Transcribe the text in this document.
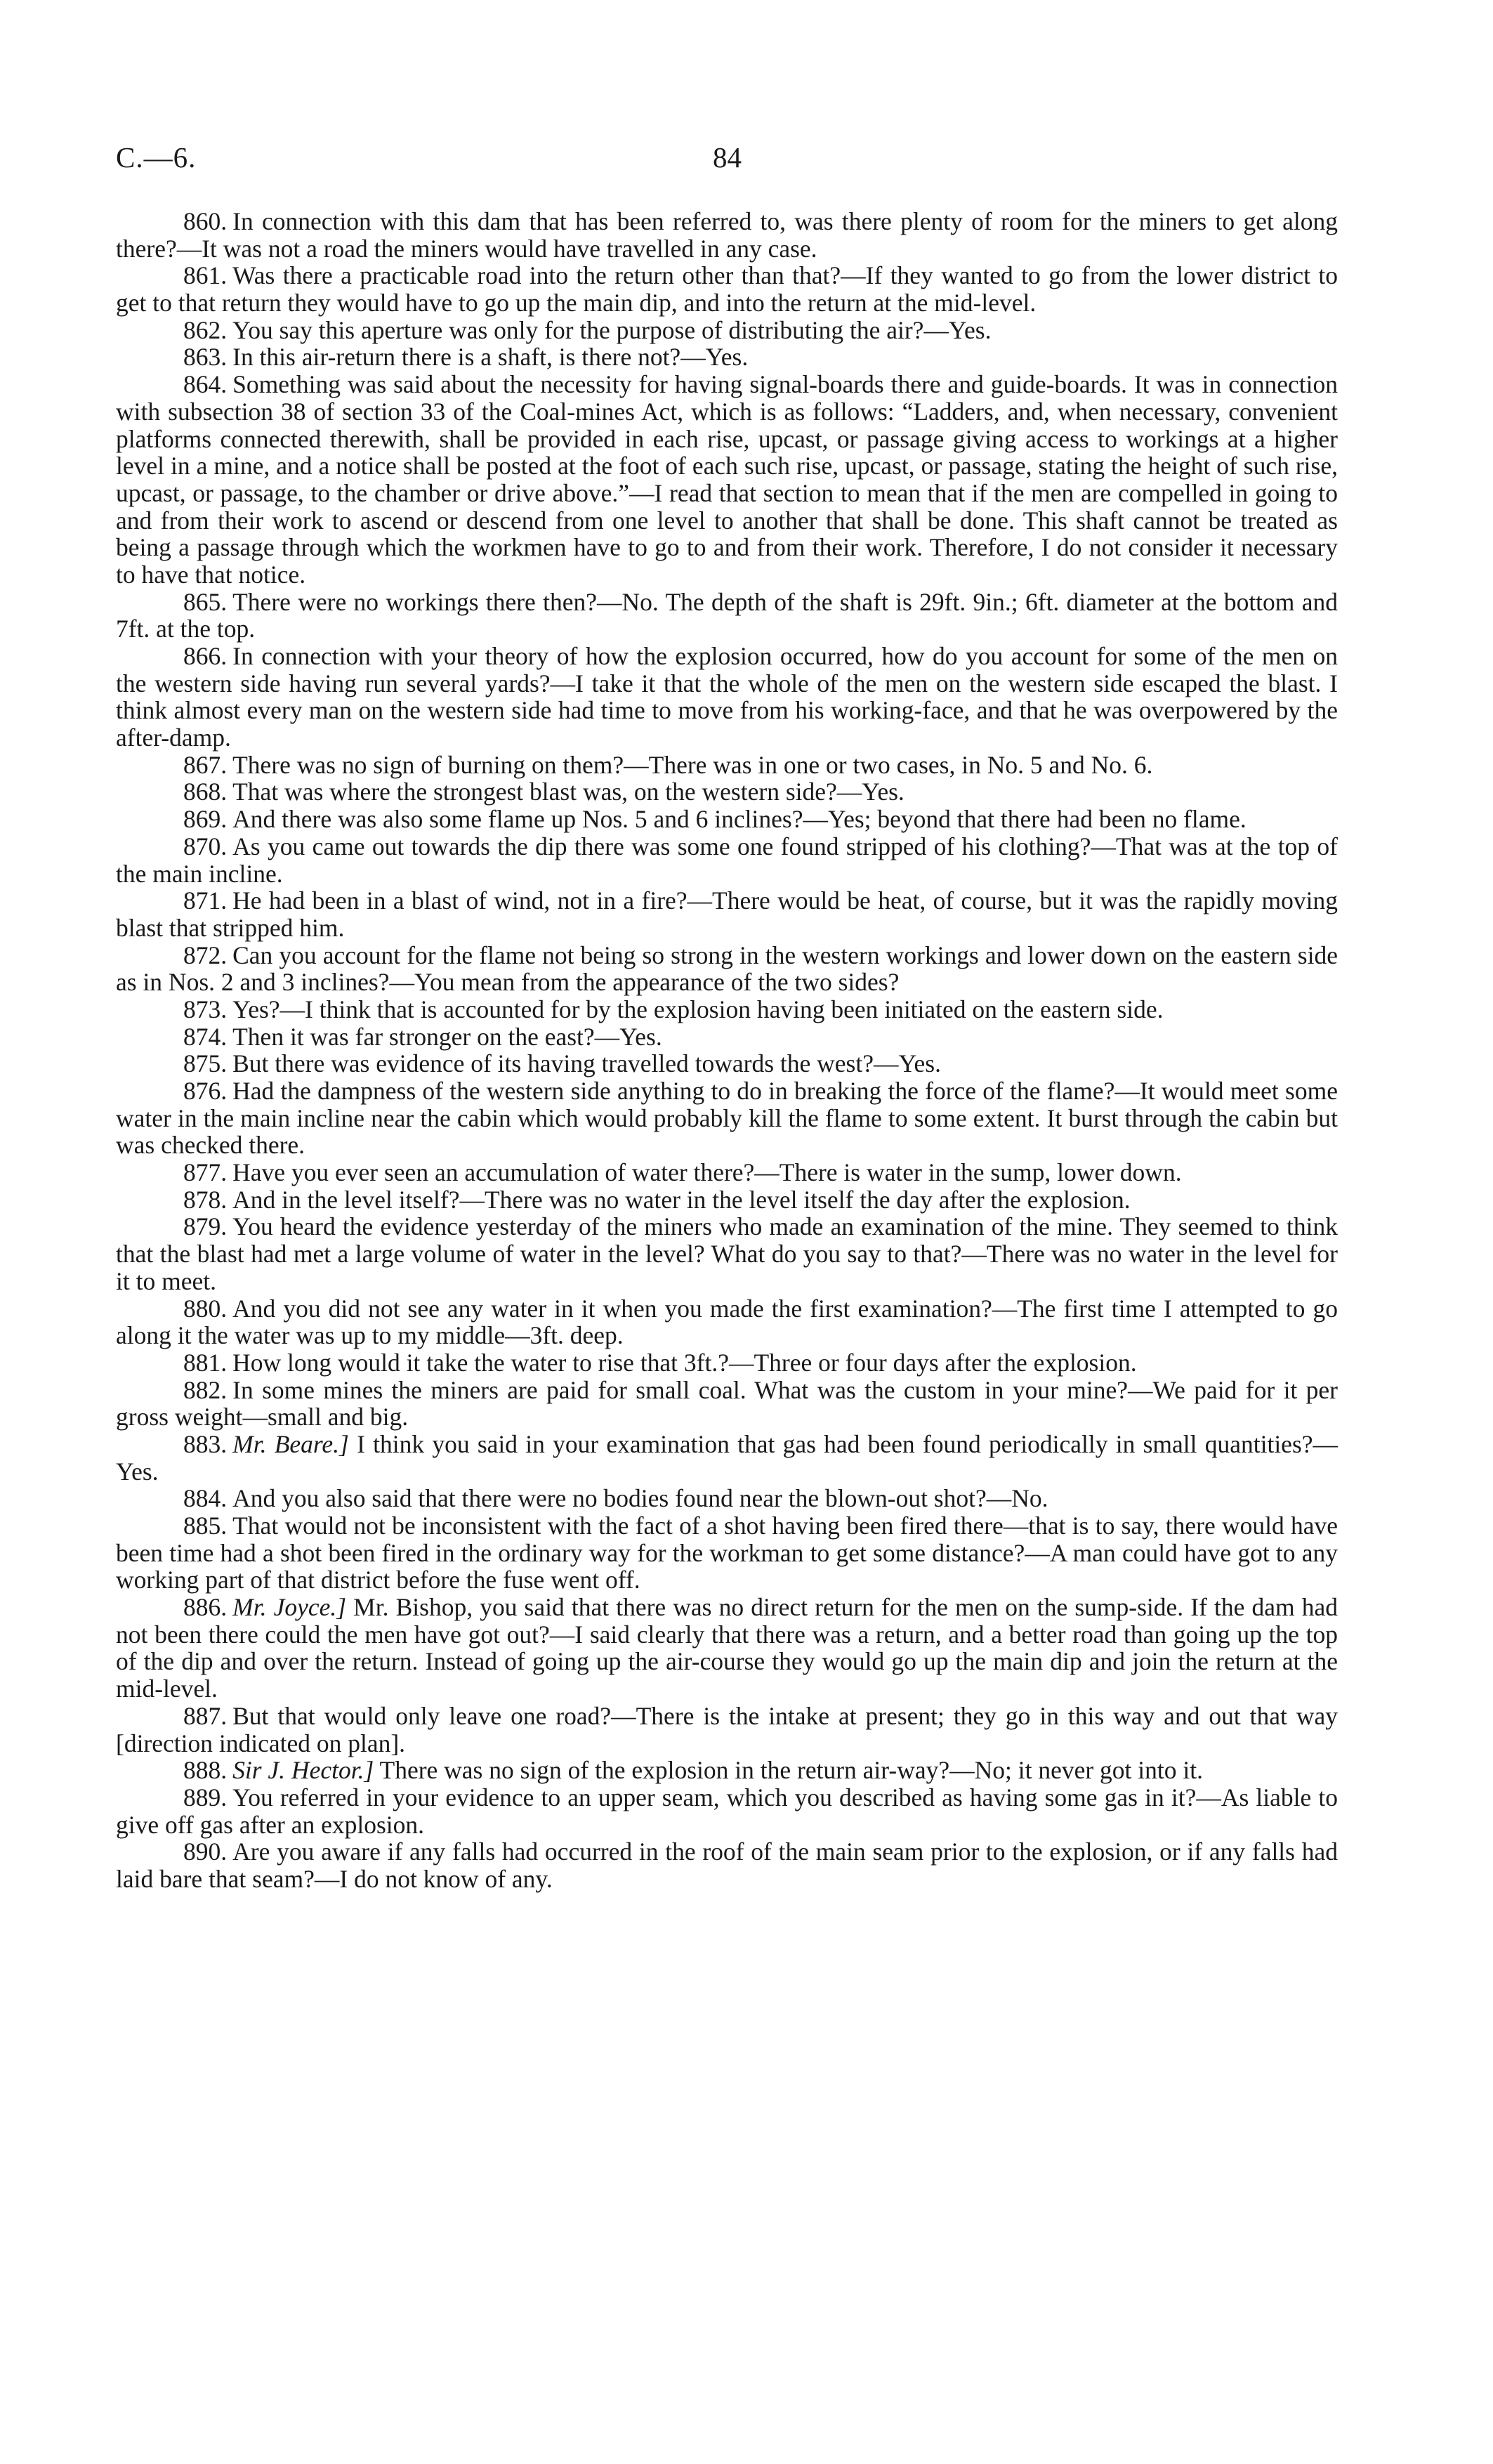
C.—6.	84

860. In connection with this dam that has been referred to, was there plenty of room for the miners to get along there?—It was not a road the miners would have travelled in any case.

861. Was there a practicable road into the return other than that?—If they wanted to go from the lower district to get to that return they would have to go up the main dip, and into the return at the mid-level.

862. You say this aperture was only for the purpose of distributing the air?—Yes.

863. In this air-return there is a shaft, is there not?—Yes.

864. Something was said about the necessity for having signal-boards there and guide-boards. It was in connection with subsection 38 of section 33 of the Coal-mines Act, which is as follows: “Ladders, and, when necessary, convenient platforms connected therewith, shall be provided in each rise, upcast, or passage giving access to workings at a higher level in a mine, and a notice shall be posted at the foot of each such rise, upcast, or passage, stating the height of such rise, upcast, or passage, to the chamber or drive above.”—I read that section to mean that if the men are compelled in going to and from their work to ascend or descend from one level to another that shall be done. This shaft cannot be treated as being a passage through which the workmen have to go to and from their work. Therefore, I do not consider it necessary to have that notice.

865. There were no workings there then?—No. The depth of the shaft is 29ft. 9in.; 6ft. diameter at the bottom and 7ft. at the top.

866. In connection with your theory of how the explosion occurred, how do you account for some of the men on the western side having run several yards?—I take it that the whole of the men on the western side escaped the blast. I think almost every man on the western side had time to move from his working-face, and that he was overpowered by the after-damp.

867. There was no sign of burning on them?—There was in one or two cases, in No. 5 and No. 6.

868. That was where the strongest blast was, on the western side?—Yes.

869. And there was also some flame up Nos. 5 and 6 inclines?—Yes; beyond that there had been no flame.

870. As you came out towards the dip there was some one found stripped of his clothing?—That was at the top of the main incline.

871. He had been in a blast of wind, not in a fire?—There would be heat, of course, but it was the rapidly moving blast that stripped him.

872. Can you account for the flame not being so strong in the western workings and lower down on the eastern side as in Nos. 2 and 3 inclines?—You mean from the appearance of the two sides?

873. Yes?—I think that is accounted for by the explosion having been initiated on the eastern side.

874. Then it was far stronger on the east?—Yes.

875. But there was evidence of its having travelled towards the west?—Yes.

876. Had the dampness of the western side anything to do in breaking the force of the flame?—It would meet some water in the main incline near the cabin which would probably kill the flame to some extent. It burst through the cabin but was checked there.

877. Have you ever seen an accumulation of water there?—There is water in the sump, lower down.

878. And in the level itself?—There was no water in the level itself the day after the explosion.

879. You heard the evidence yesterday of the miners who made an examination of the mine. They seemed to think that the blast had met a large volume of water in the level? What do you say to that?—There was no water in the level for it to meet.

880. And you did not see any water in it when you made the first examination?—The first time I attempted to go along it the water was up to my middle—3ft. deep.

881. How long would it take the water to rise that 3ft.?—Three or four days after the explosion.

882. In some mines the miners are paid for small coal. What was the custom in your mine?—We paid for it per gross weight—small and big.

883. Mr. Beare.] I think you said in your examination that gas had been found periodically in small quantities?—Yes.

884. And you also said that there were no bodies found near the blown-out shot?—No.

885. That would not be inconsistent with the fact of a shot having been fired there—that is to say, there would have been time had a shot been fired in the ordinary way for the workman to get some distance?—A man could have got to any working part of that district before the fuse went off.

886. Mr. Joyce.] Mr. Bishop, you said that there was no direct return for the men on the sump-side. If the dam had not been there could the men have got out?—I said clearly that there was a return, and a better road than going up the top of the dip and over the return. Instead of going up the air-course they would go up the main dip and join the return at the mid-level.

887. But that would only leave one road?—There is the intake at present; they go in this way and out that way [direction indicated on plan].

888. Sir J. Hector.] There was no sign of the explosion in the return air-way?—No; it never got into it.

889. You referred in your evidence to an upper seam, which you described as having some gas in it?—As liable to give off gas after an explosion.

890. Are you aware if any falls had occurred in the roof of the main seam prior to the explosion, or if any falls had laid bare that seam?—I do not know of any.
